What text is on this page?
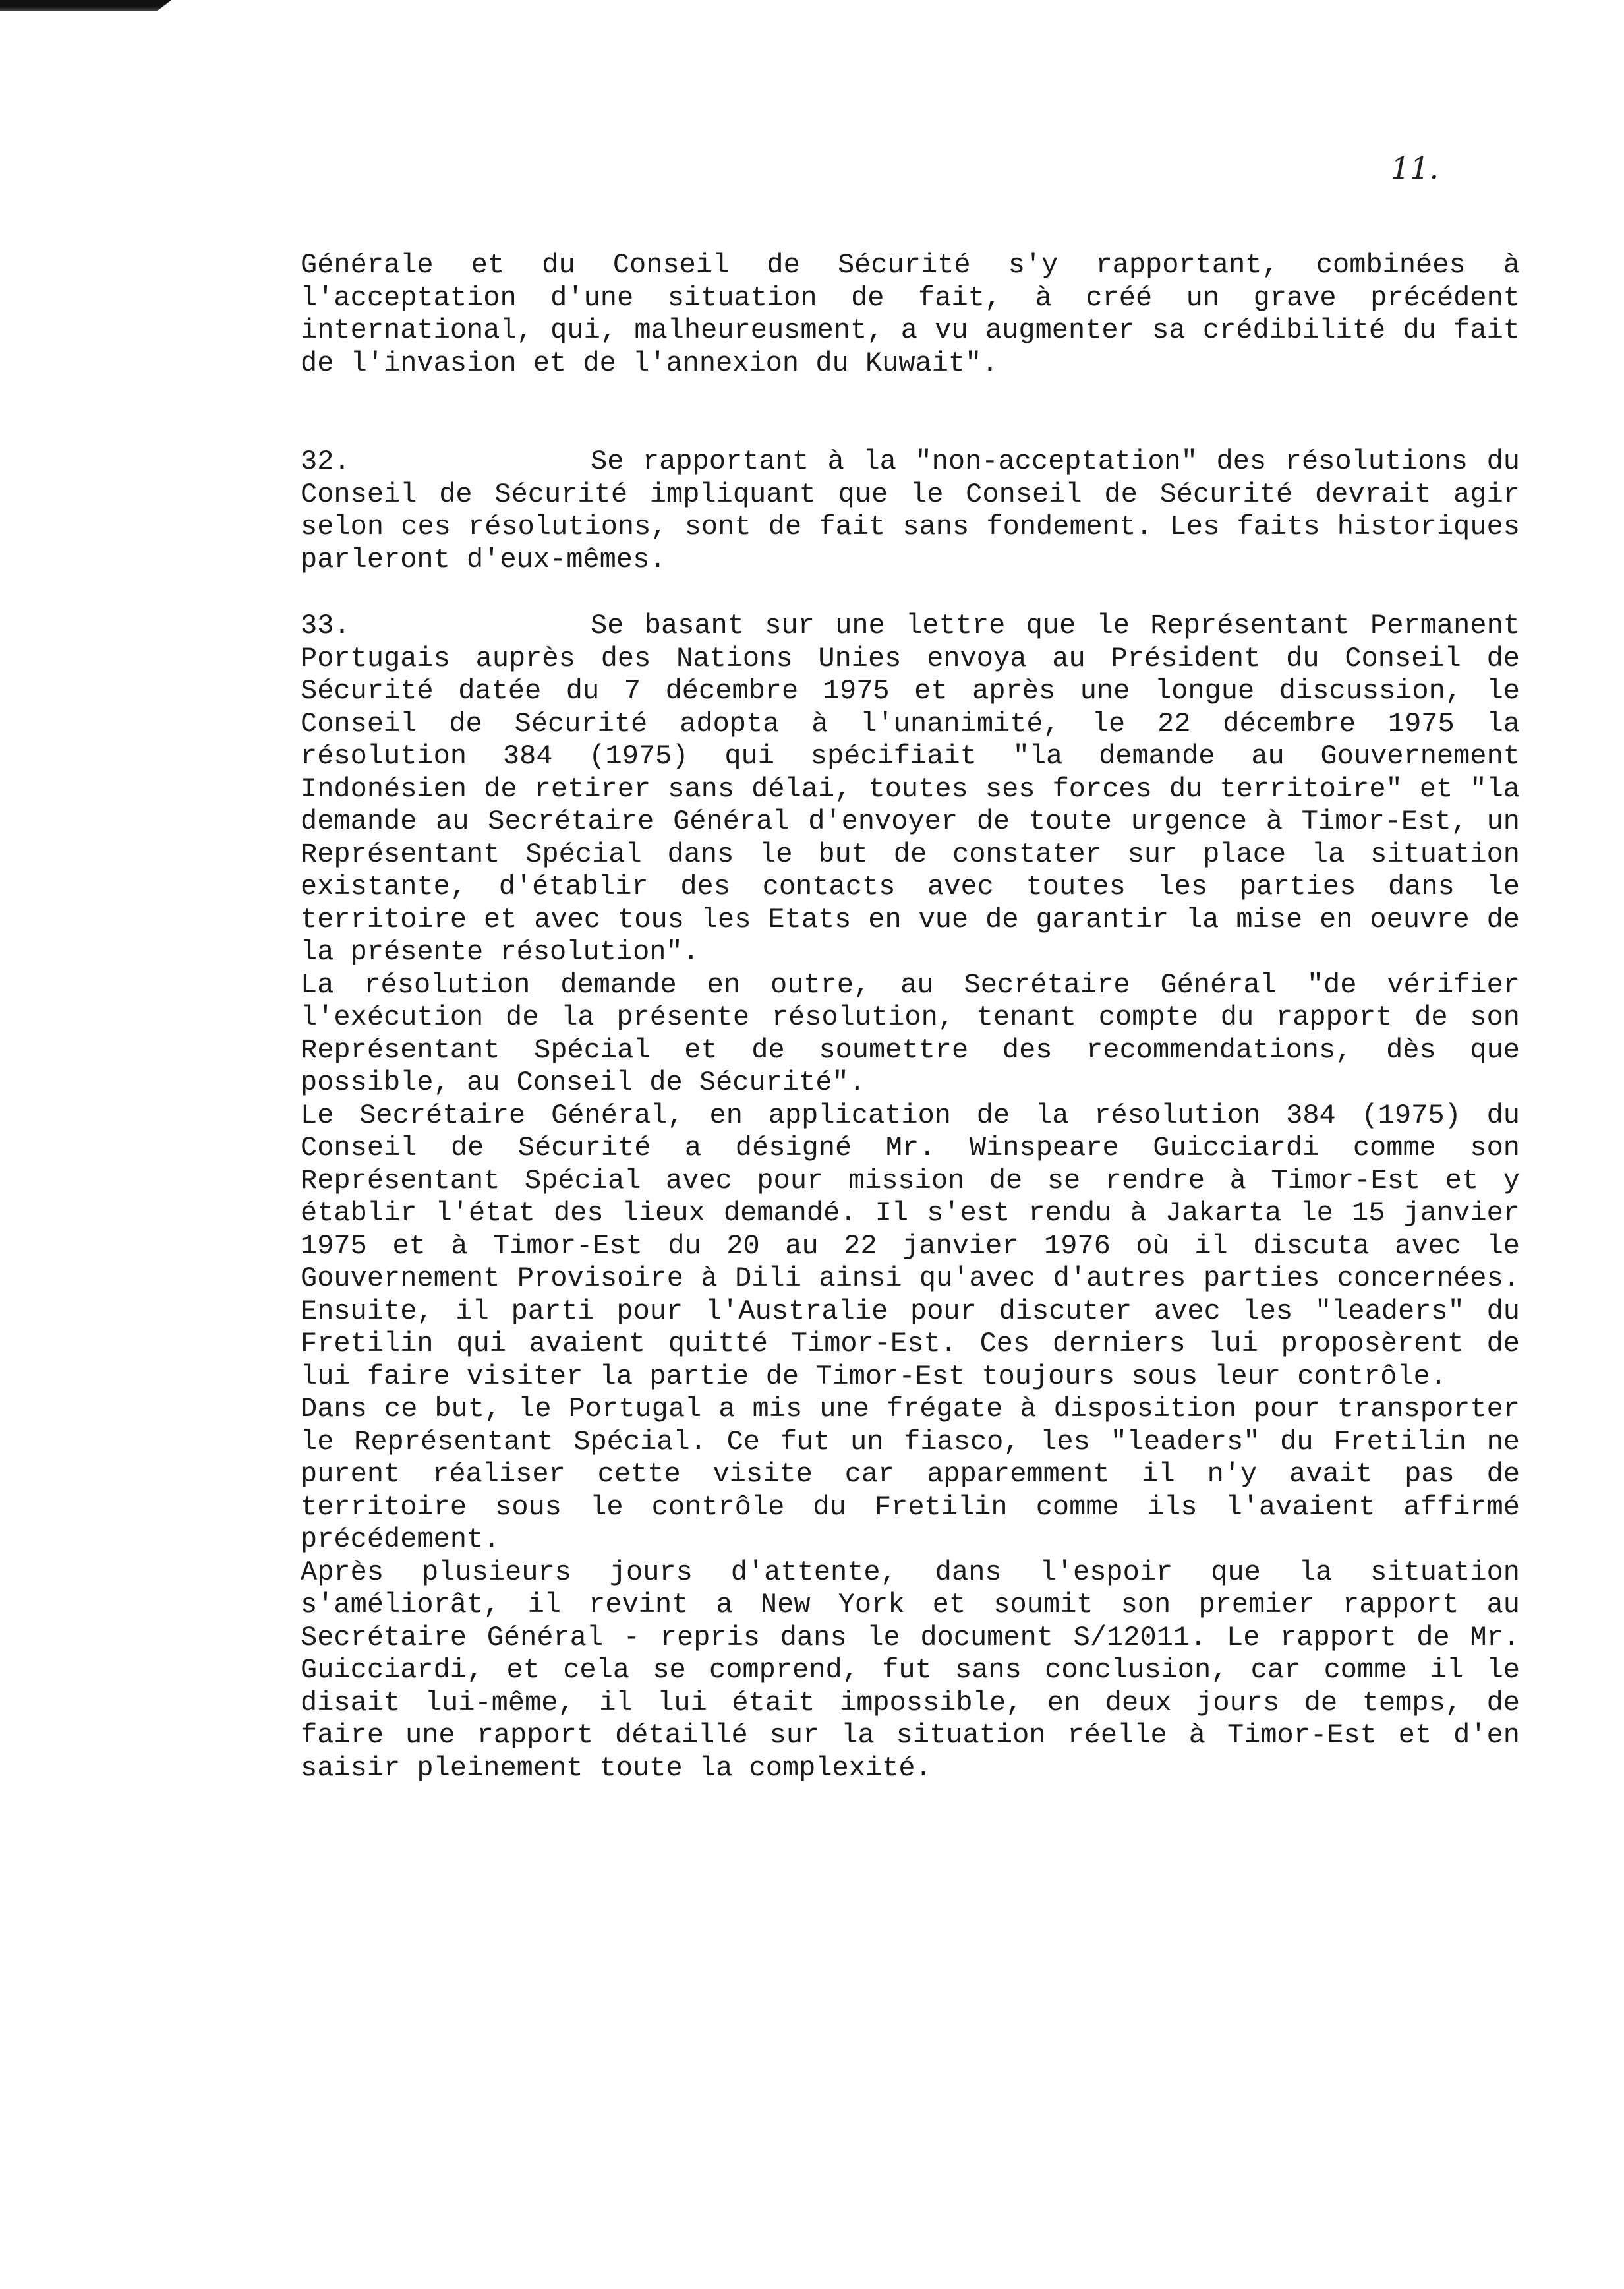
11.

Générale et du Conseil de Sécurité s'y rapportant, combinées à l'acceptation d'une situation de fait, à créé un grave précédent international, qui, malheureusment, a vu augmenter sa crédibilité du fait de l'invasion et de l'annexion du Kuwait".

32.	Se rapportant à la "non-acceptation" des résolutions du Conseil de Sécurité impliquant que le Conseil de Sécurité devrait agir selon ces résolutions, sont de fait sans fondement. Les faits historiques parleront d'eux-mêmes.

33.	Se basant sur une lettre que le Représentant Permanent Portugais auprès des Nations Unies envoya au Président du Conseil de Sécurité datée du 7 décembre 1975 et après une longue discussion, le Conseil de Sécurité adopta à l'unanimité, le 22 décembre 1975 la résolution 384 (1975) qui spécifiait "la demande au Gouvernement Indonésien de retirer sans délai, toutes ses forces du territoire" et "la demande au Secrétaire Général d'envoyer de toute urgence à Timor-Est, un Représentant Spécial dans le but de constater sur place la situation existante, d'établir des contacts avec toutes les parties dans le territoire et avec tous les Etats en vue de garantir la mise en oeuvre de la présente résolution".

La résolution demande en outre, au Secrétaire Général "de vérifier l'exécution de la présente résolution, tenant compte du rapport de son Représentant Spécial et de soumettre des recommendations, dès que possible, au Conseil de Sécurité".

Le Secrétaire Général, en application de la résolution 384 (1975) du Conseil de Sécurité a désigné Mr. Winspeare Guicciardi comme son Représentant Spécial avec pour mission de se rendre à Timor-Est et y établir l'état des lieux demandé. Il s'est rendu à Jakarta le 15 janvier 1975 et à Timor-Est du 20 au 22 janvier 1976 où il discuta avec le Gouvernement Provisoire à Dili ainsi qu'avec d'autres parties concernées. Ensuite, il parti pour l'Australie pour discuter avec les "leaders" du Fretilin qui avaient quitté Timor-Est. Ces derniers lui proposèrent de lui faire visiter la partie de Timor-Est toujours sous leur contrôle.

Dans ce but, le Portugal a mis une frégate à disposition pour transporter le Représentant Spécial. Ce fut un fiasco, les "leaders" du Fretilin ne purent réaliser cette visite car apparemment il n'y avait pas de territoire sous le contrôle du Fretilin comme ils l'avaient affirmé précédement.

Après plusieurs jours d'attente, dans l'espoir que la situation s'améliorât, il revint a New York et soumit son premier rapport au Secrétaire Général - repris dans le document S/12011. Le rapport de Mr. Guicciardi, et cela se comprend, fut sans conclusion, car comme il le disait lui-même, il lui était impossible, en deux jours de temps, de faire une rapport détaillé sur la situation réelle à Timor-Est et d'en saisir pleinement toute la complexité.
